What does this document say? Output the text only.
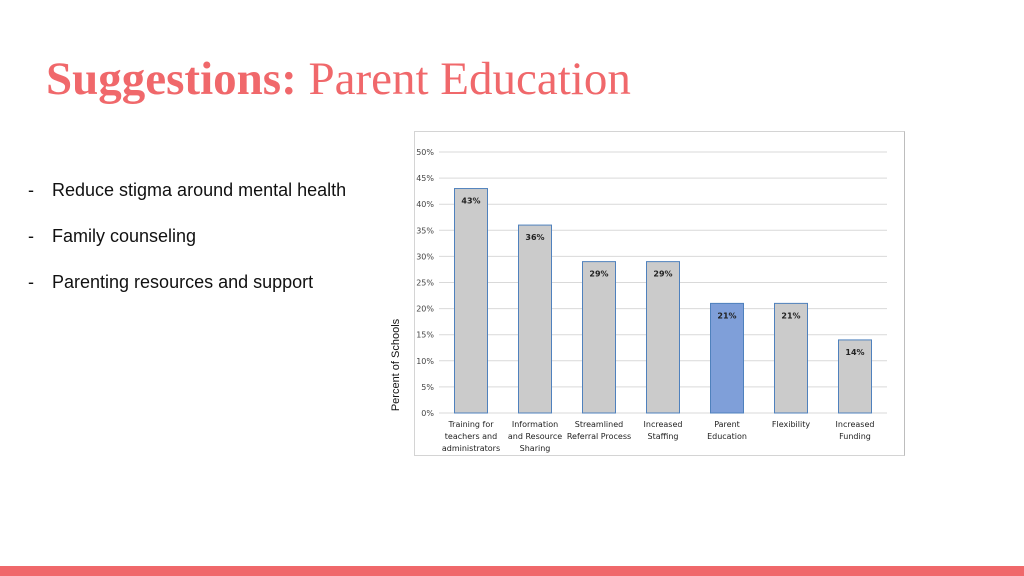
Suggestions: Parent Education
-	Reduce stigma around mental health
-	Family counseling
-	Parenting resources and support
Percent of Schools
0%
5%
10%
15%
20%
25%
30%
35%
40%
45%
50%
43%
Training for teachers and administrators
36%
Information and Resource Sharing
29%
Streamlined Referral Process
29%
Increased Staffing
21%
Parent Education
21%
Flexibility
14%
Increased Funding
